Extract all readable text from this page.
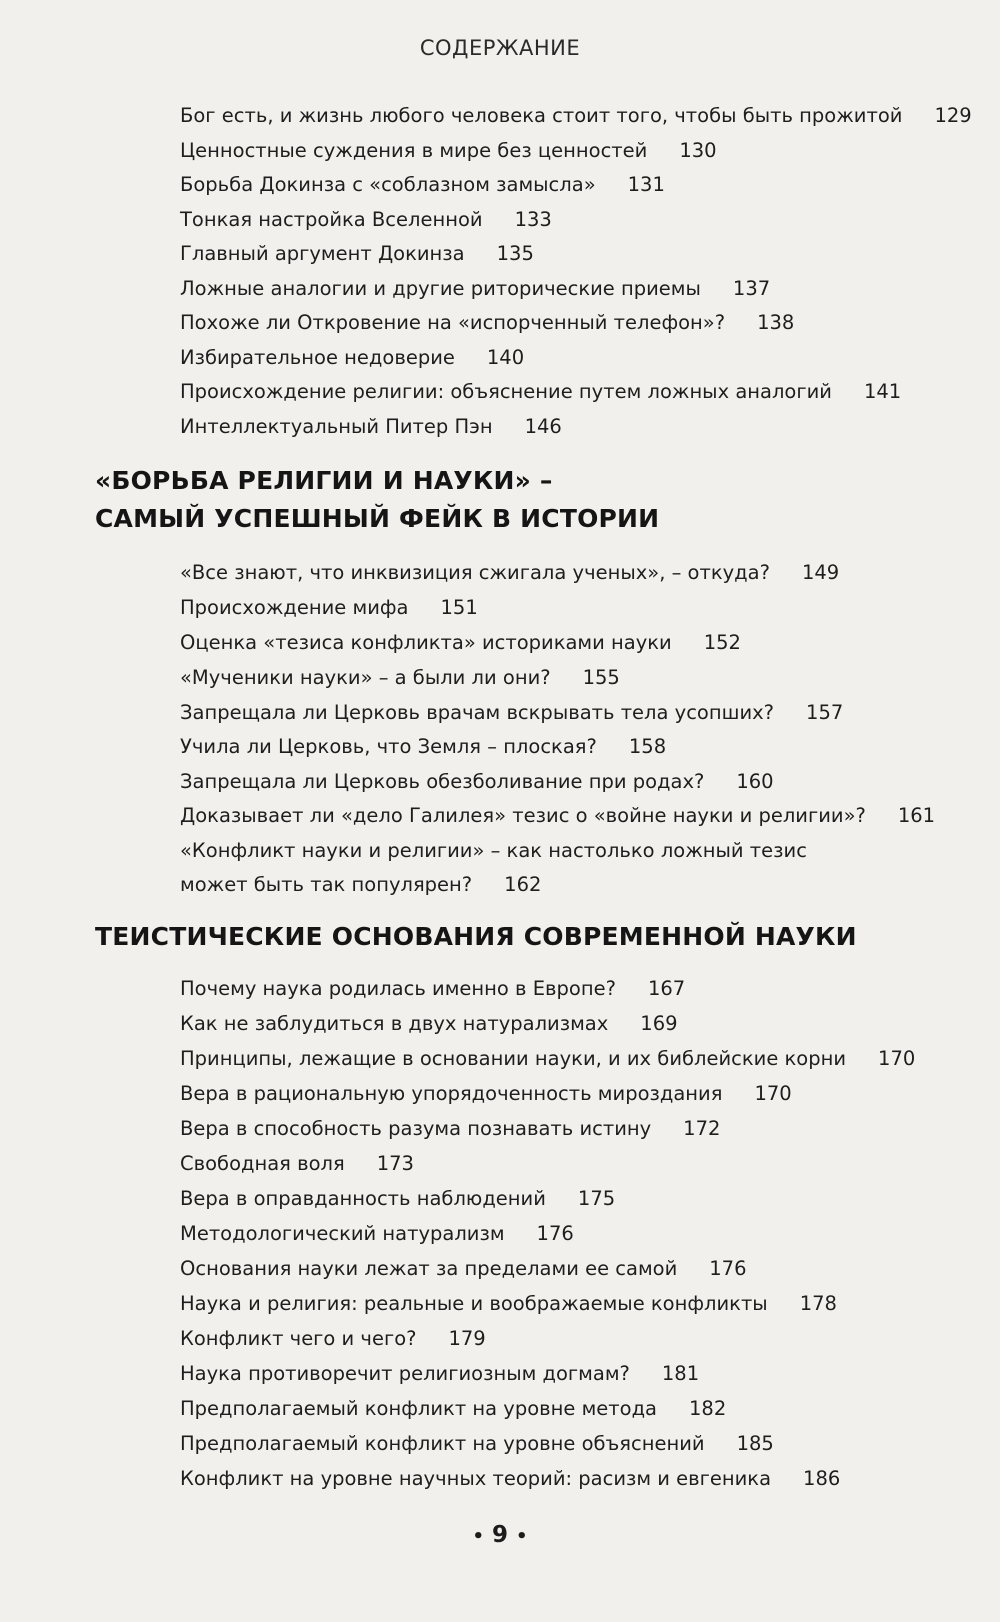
СОДЕРЖАНИЕ
Бог есть, и жизнь любого человека стоит того, чтобы быть прожитой 129
Ценностные суждения в мире без ценностей 130
Борьба Докинза с «соблазном замысла» 131
Тонкая настройка Вселенной 133
Главный аргумент Докинза 135
Ложные аналогии и другие риторические приемы 137
Похоже ли Откровение на «испорченный телефон»? 138
Избирательное недоверие 140
Происхождение религии: объяснение путем ложных аналогий 141
Интеллектуальный Питер Пэн 146
«БОРЬБА РЕЛИГИИ И НАУКИ» –
САМЫЙ УСПЕШНЫЙ ФЕЙК В ИСТОРИИ
«Все знают, что инквизиция сжигала ученых», – откуда? 149
Происхождение мифа 151
Оценка «тезиса конфликта» историками науки 152
«Мученики науки» – а были ли они? 155
Запрещала ли Церковь врачам вскрывать тела усопших? 157
Учила ли Церковь, что Земля – плоская? 158
Запрещала ли Церковь обезболивание при родах? 160
Доказывает ли «дело Галилея» тезис о «войне науки и религии»? 161
«Конфликт науки и религии» – как настолько ложный тезис
может быть так популярен? 162
ТЕИСТИЧЕСКИЕ ОСНОВАНИЯ СОВРЕМЕННОЙ НАУКИ
Почему наука родилась именно в Европе? 167
Как не заблудиться в двух натурализмах 169
Принципы, лежащие в основании науки, и их библейские корни 170
Вера в рациональную упорядоченность мироздания 170
Вера в способность разума познавать истину 172
Свободная воля 173
Вера в оправданность наблюдений 175
Методологический натурализм 176
Основания науки лежат за пределами ее самой 176
Наука и религия: реальные и воображаемые конфликты 178
Конфликт чего и чего? 179
Наука противоречит религиозным догмам? 181
Предполагаемый конфликт на уровне метода 182
Предполагаемый конфликт на уровне объяснений 185
Конфликт на уровне научных теорий: расизм и евгеника 186
• 9 •
